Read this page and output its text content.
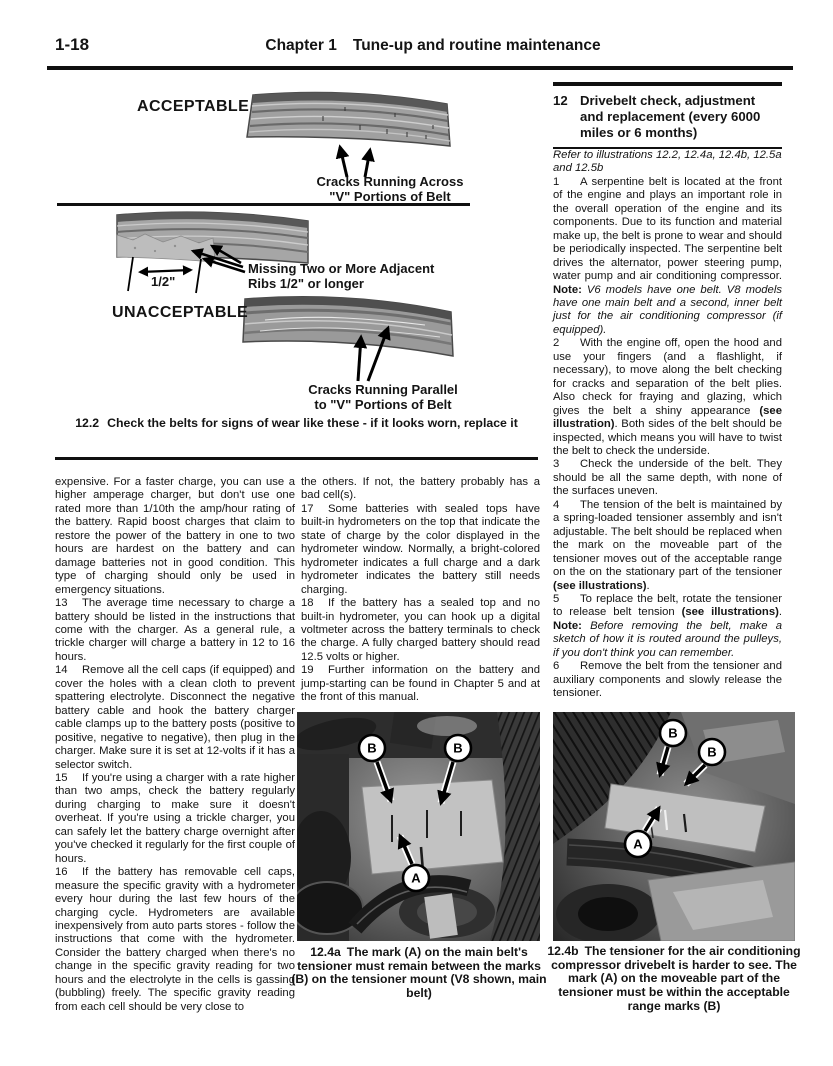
1-18	Chapter 1 Tune-up and routine maintenance
ACCEPTABLE
UNACCEPTABLE
Cracks Running Across
"V" Portions of Belt
Missing Two or More Adjacent
Ribs 1/2" or longer
1/2"
Cracks Running Parallel
to "V" Portions of Belt
12.2 Check the belts for signs of wear like these - if it looks worn, replace it

expensive. For a faster charge, you can use a higher amperage charger, but don't use one rated more than 1/10th the amp/hour rating of the battery. Rapid boost charges that claim to restore the power of the battery in one to two hours are hardest on the battery and can damage batteries not in good condition. This type of charging should only be used in emergency situations.

13 The average time necessary to charge a battery should be listed in the instructions that come with the charger. As a general rule, a trickle charger will charge a battery in 12 to 16 hours.

14 Remove all the cell caps (if equipped) and cover the holes with a clean cloth to prevent spattering electrolyte. Disconnect the negative battery cable and hook the battery charger cable clamps up to the battery posts (positive to positive, negative to negative), then plug in the charger. Make sure it is set at 12-volts if it has a selector switch.

15 If you're using a charger with a rate higher than two amps, check the battery regularly during charging to make sure it doesn't overheat. If you're using a trickle charger, you can safely let the battery charge overnight after you've checked it regularly for the first couple of hours.

16 If the battery has removable cell caps, measure the specific gravity with a hydrometer every hour during the last few hours of the charging cycle. Hydrometers are available inexpensively from auto parts stores - follow the instructions that come with the hydrometer. Consider the battery charged when there's no change in the specific gravity reading for two hours and the electrolyte in the cells is gassing (bubbling) freely. The specific gravity reading from each cell should be very close to

the others. If not, the battery probably has a bad cell(s).

17 Some batteries with sealed tops have built-in hydrometers on the top that indicate the state of charge by the color displayed in the hydrometer window. Normally, a bright-colored hydrometer indicates a full charge and a dark hydrometer indicates the battery still needs charging.

18 If the battery has a sealed top and no built-in hydrometer, you can hook up a digital voltmeter across the battery terminals to check the charge. A fully charged battery should read 12.5 volts or higher.

19 Further information on the battery and jump-starting can be found in Chapter 5 and at the front of this manual.

12 Drivebelt check, adjustment and replacement (every 6000 miles or 6 months)

Refer to illustrations 12.2, 12.4a, 12.4b, 12.5a and 12.5b

1 A serpentine belt is located at the front of the engine and plays an important role in the overall operation of the engine and its components. Due to its function and material make up, the belt is prone to wear and should be periodically inspected. The serpentine belt drives the alternator, power steering pump, water pump and air conditioning compressor. Note: V6 models have one belt. V8 models have one main belt and a second, inner belt just for the air conditioning compressor (if equipped).

2 With the engine off, open the hood and use your fingers (and a flashlight, if necessary), to move along the belt checking for cracks and separation of the belt plies. Also check for fraying and glazing, which gives the belt a shiny appearance (see illustration). Both sides of the belt should be inspected, which means you will have to twist the belt to check the underside.

3 Check the underside of the belt. They should be all the same depth, with none of the surfaces uneven.

4 The tension of the belt is maintained by a spring-loaded tensioner assembly and isn't adjustable. The belt should be replaced when the mark on the moveable part of the tensioner moves out of the acceptable range on the on the stationary part of the tensioner (see illustrations).

5 To replace the belt, rotate the tensioner to release belt tension (see illustrations). Note: Before removing the belt, make a sketch of how it is routed around the pulleys, if you don't think you can remember.

6 Remove the belt from the tensioner and auxiliary components and slowly release the tensioner.

B	B
A
12.4a The mark (A) on the main belt's tensioner must remain between the marks (B) on the tensioner mount (V8 shown, main belt)
B
B
A
12.4b The tensioner for the air conditioning compressor drivebelt is harder to see. The mark (A) on the moveable part of the tensioner must be within the acceptable range marks (B)
